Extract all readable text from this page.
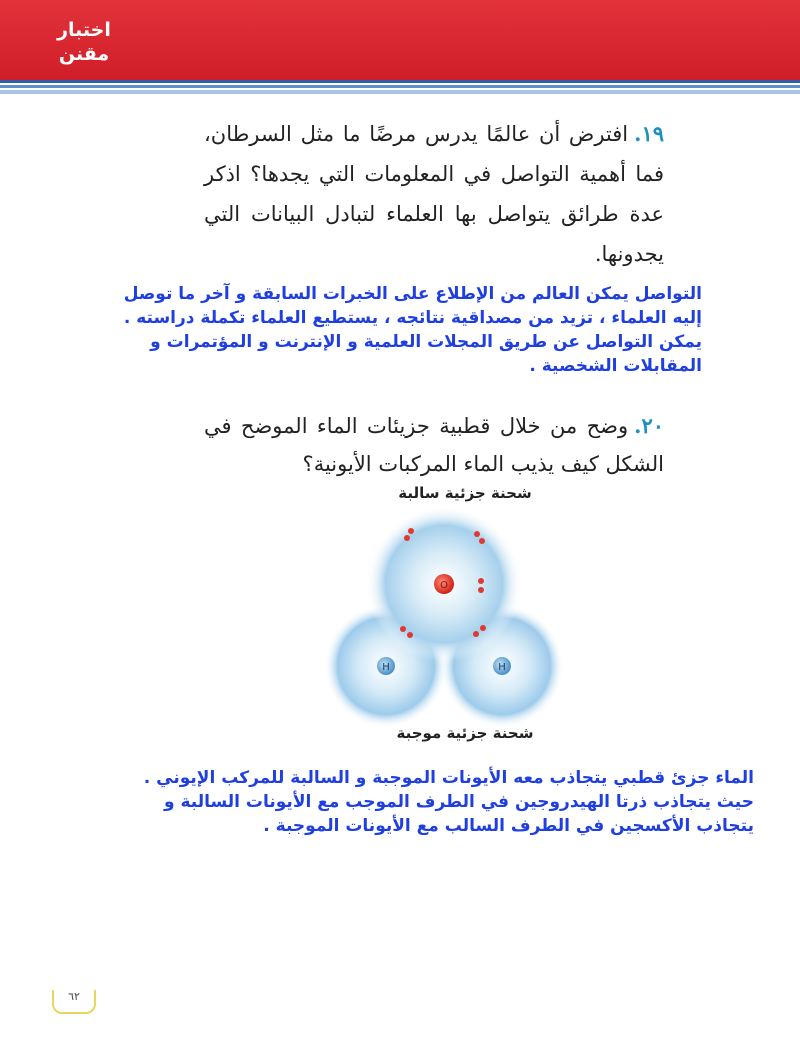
اختبار
مقنن
١٩.افترض أن عالمًا يدرس مرضًا ما مثل السرطان، فما أهمية التواصل في المعلومات التي يجدها؟ اذكر عدة طرائق يتواصل بها العلماء لتبادل البيانات التي يجدونها.
التواصل يمكن العالم من الإطلاع على الخبرات السابقة و آخر ما توصل إليه العلماء ، تزيد من مصداقية نتائجه ، يستطيع العلماء تكملة دراسته . يمكن التواصل عن طريق المجلات العلمية و الإنترنت و المؤتمرات و المقابلات الشخصية .
٢٠.وضح من خلال قطبية جزيئات الماء الموضح في الشكل كيف يذيب الماء المركبات الأيونية؟
شحنة جزئية سالبة
O
H	H
شحنة جزئية موجبة
الماء جزئ قطبي يتجاذب معه الأيونات الموجبة و السالبة للمركب الإيوني . حيث يتجاذب ذرتا الهيدروجين في الطرف الموجب مع الأيونات السالبة و يتجاذب الأكسجين في الطرف السالب مع الأيونات الموجبة .
٦٢
